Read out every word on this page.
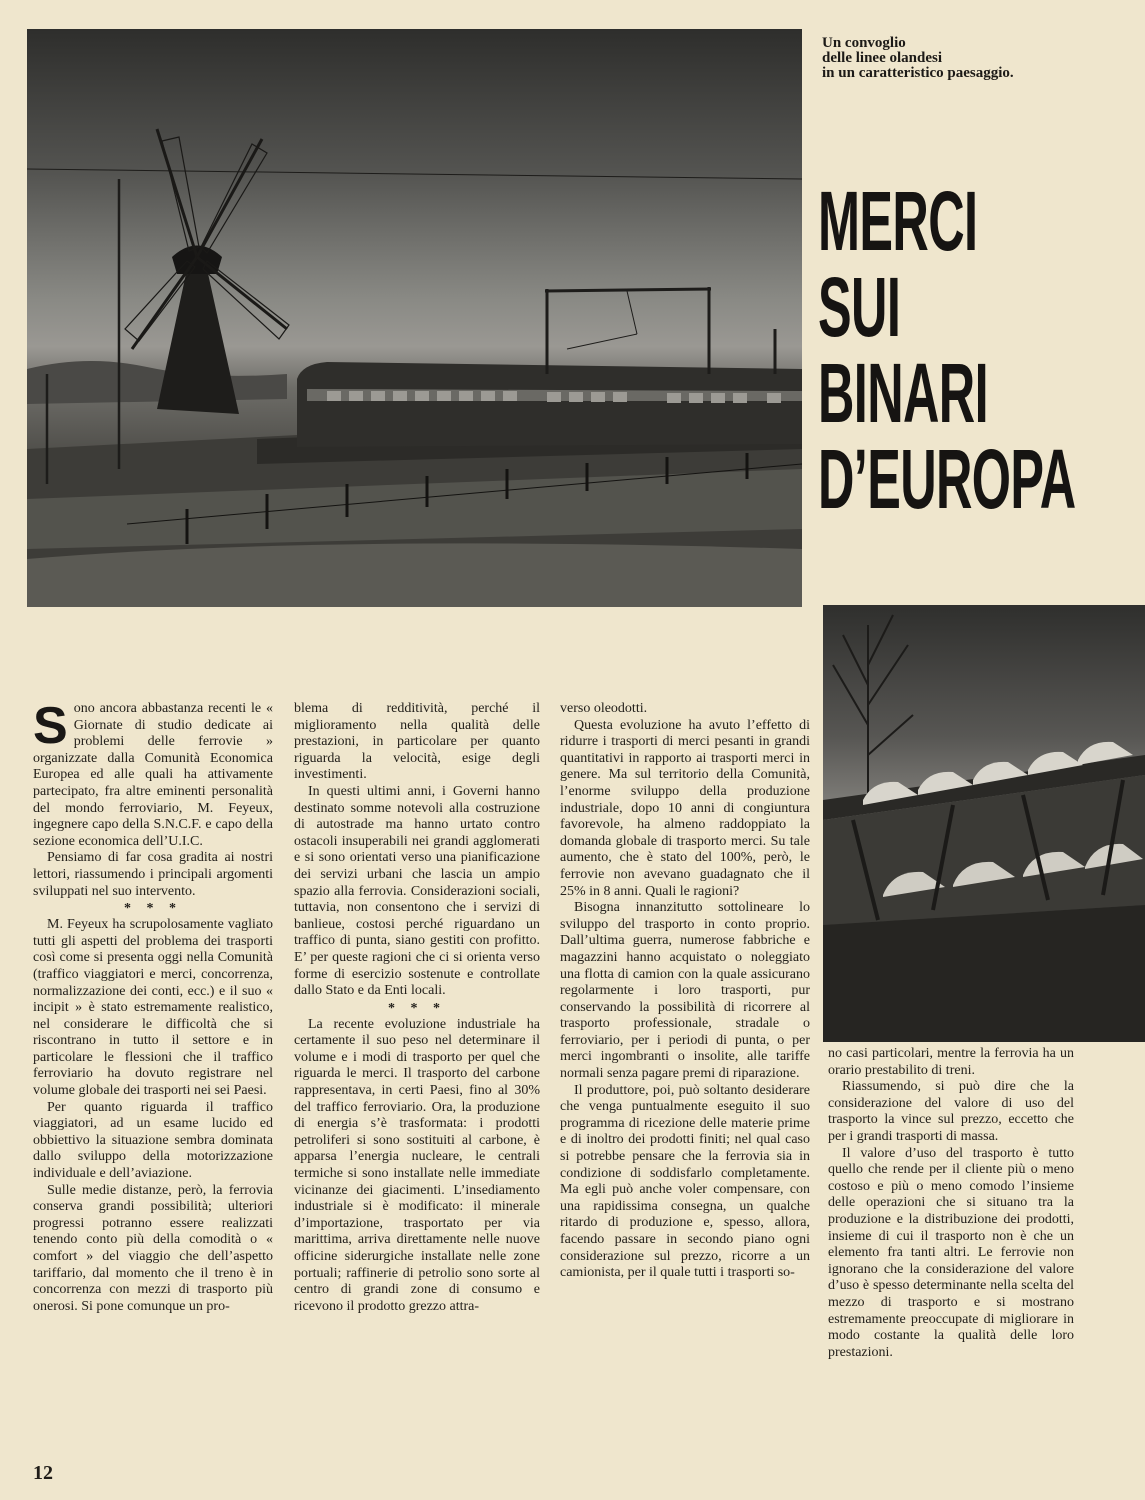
Un convoglio
delle linee olandesi
in un caratteristico paesaggio.
MERCI
SUI
BINARI
D’EUROPA

Sono ancora abbastanza recenti le « Giornate di studio dedicate ai problemi delle ferrovie » organizzate dalla Comunità Economica Europea ed alle quali ha attivamente partecipato, fra altre eminenti personalità del mondo ferroviario, M. Feyeux, ingegnere capo della S.N.C.F. e capo della sezione economica dell’U.I.C.

Pensiamo di far cosa gradita ai nostri lettori, riassumendo i principali argomenti sviluppati nel suo intervento.

* * *

M. Feyeux ha scrupolosamente vagliato tutti gli aspetti del problema dei trasporti così come si presenta oggi nella Comunità (traffico viaggiatori e merci, concorrenza, normalizzazione dei conti, ecc.) e il suo « incipit » è stato estremamente realistico, nel considerare le difficoltà che si riscontrano in tutto il settore e in particolare le flessioni che il traffico ferroviario ha dovuto registrare nel volume globale dei trasporti nei sei Paesi.

Per quanto riguarda il traffico viaggiatori, ad un esame lucido ed obbiettivo la situazione sembra dominata dallo sviluppo della motorizzazione individuale e dell’aviazione.

Sulle medie distanze, però, la ferrovia conserva grandi possibilità; ulteriori progressi potranno essere realizzati tenendo conto più della comodità o « comfort » del viaggio che dell’aspetto tariffario, dal momento che il treno è in concorrenza con mezzi di trasporto più onerosi. Si pone comunque un pro-

blema di redditività, perché il miglioramento nella qualità delle prestazioni, in particolare per quanto riguarda la velocità, esige degli investimenti.

In questi ultimi anni, i Governi hanno destinato somme notevoli alla costruzione di autostrade ma hanno urtato contro ostacoli insuperabili nei grandi agglomerati e si sono orientati verso una pianificazione dei servizi urbani che lascia un ampio spazio alla ferrovia. Considerazioni sociali, tuttavia, non consentono che i servizi di banlieue, costosi perché riguardano un traffico di punta, siano gestiti con profitto. E’ per queste ragioni che ci si orienta verso forme di esercizio sostenute e controllate dallo Stato e da Enti locali.

* * *

La recente evoluzione industriale ha certamente il suo peso nel determinare il volume e i modi di trasporto per quel che riguarda le merci. Il trasporto del carbone rappresentava, in certi Paesi, fino al 30% del traffico ferroviario. Ora, la produzione di energia s’è trasformata: i prodotti petroliferi si sono sostituiti al carbone, è apparsa l’energia nucleare, le centrali termiche si sono installate nelle immediate vicinanze dei giacimenti. L’insediamento industriale si è modificato: il minerale d’importazione, trasportato per via marittima, arriva direttamente nelle nuove officine siderurgiche installate nelle zone portuali; raffinerie di petrolio sono sorte al centro di grandi zone di consumo e ricevono il prodotto grezzo attra-

verso oleodotti.

Questa evoluzione ha avuto l’effetto di ridurre i trasporti di merci pesanti in grandi quantitativi in rapporto ai trasporti merci in genere. Ma sul territorio della Comunità, l’enorme sviluppo della produzione industriale, dopo 10 anni di congiuntura favorevole, ha almeno raddoppiato la domanda globale di trasporto merci. Su tale aumento, che è stato del 100%, però, le ferrovie non avevano guadagnato che il 25% in 8 anni. Quali le ragioni?

Bisogna innanzitutto sottolineare lo sviluppo del trasporto in conto proprio. Dall’ultima guerra, numerose fabbriche e magazzini hanno acquistato o noleggiato una flotta di camion con la quale assicurano regolarmente i loro trasporti, pur conservando la possibilità di ricorrere al trasporto professionale, stradale o ferroviario, per i periodi di punta, o per merci ingombranti o insolite, alle tariffe normali senza pagare premi di riparazione.

Il produttore, poi, può soltanto desiderare che venga puntualmente eseguito il suo programma di ricezione delle materie prime e di inoltro dei prodotti finiti; nel qual caso si potrebbe pensare che la ferrovia sia in condizione di soddisfarlo completamente. Ma egli può anche voler compensare, con una rapidissima consegna, un qualche ritardo di produzione e, spesso, allora, facendo passare in secondo piano ogni considerazione sul prezzo, ricorre a un camionista, per il quale tutti i trasporti so-

no casi particolari, mentre la ferrovia ha un orario prestabilito di treni.

Riassumendo, si può dire che la considerazione del valore di uso del trasporto la vince sul prezzo, eccetto che per i grandi trasporti di massa.

Il valore d’uso del trasporto è tutto quello che rende per il cliente più o meno costoso e più o meno comodo l’insieme delle operazioni che si situano tra la produzione e la distribuzione dei prodotti, insieme di cui il trasporto non è che un elemento fra tanti altri. Le ferrovie non ignorano che la considerazione del valore d’uso è spesso determinante nella scelta del mezzo di trasporto e si mostrano estremamente preoccupate di migliorare in modo costante la qualità delle loro prestazioni.

12
